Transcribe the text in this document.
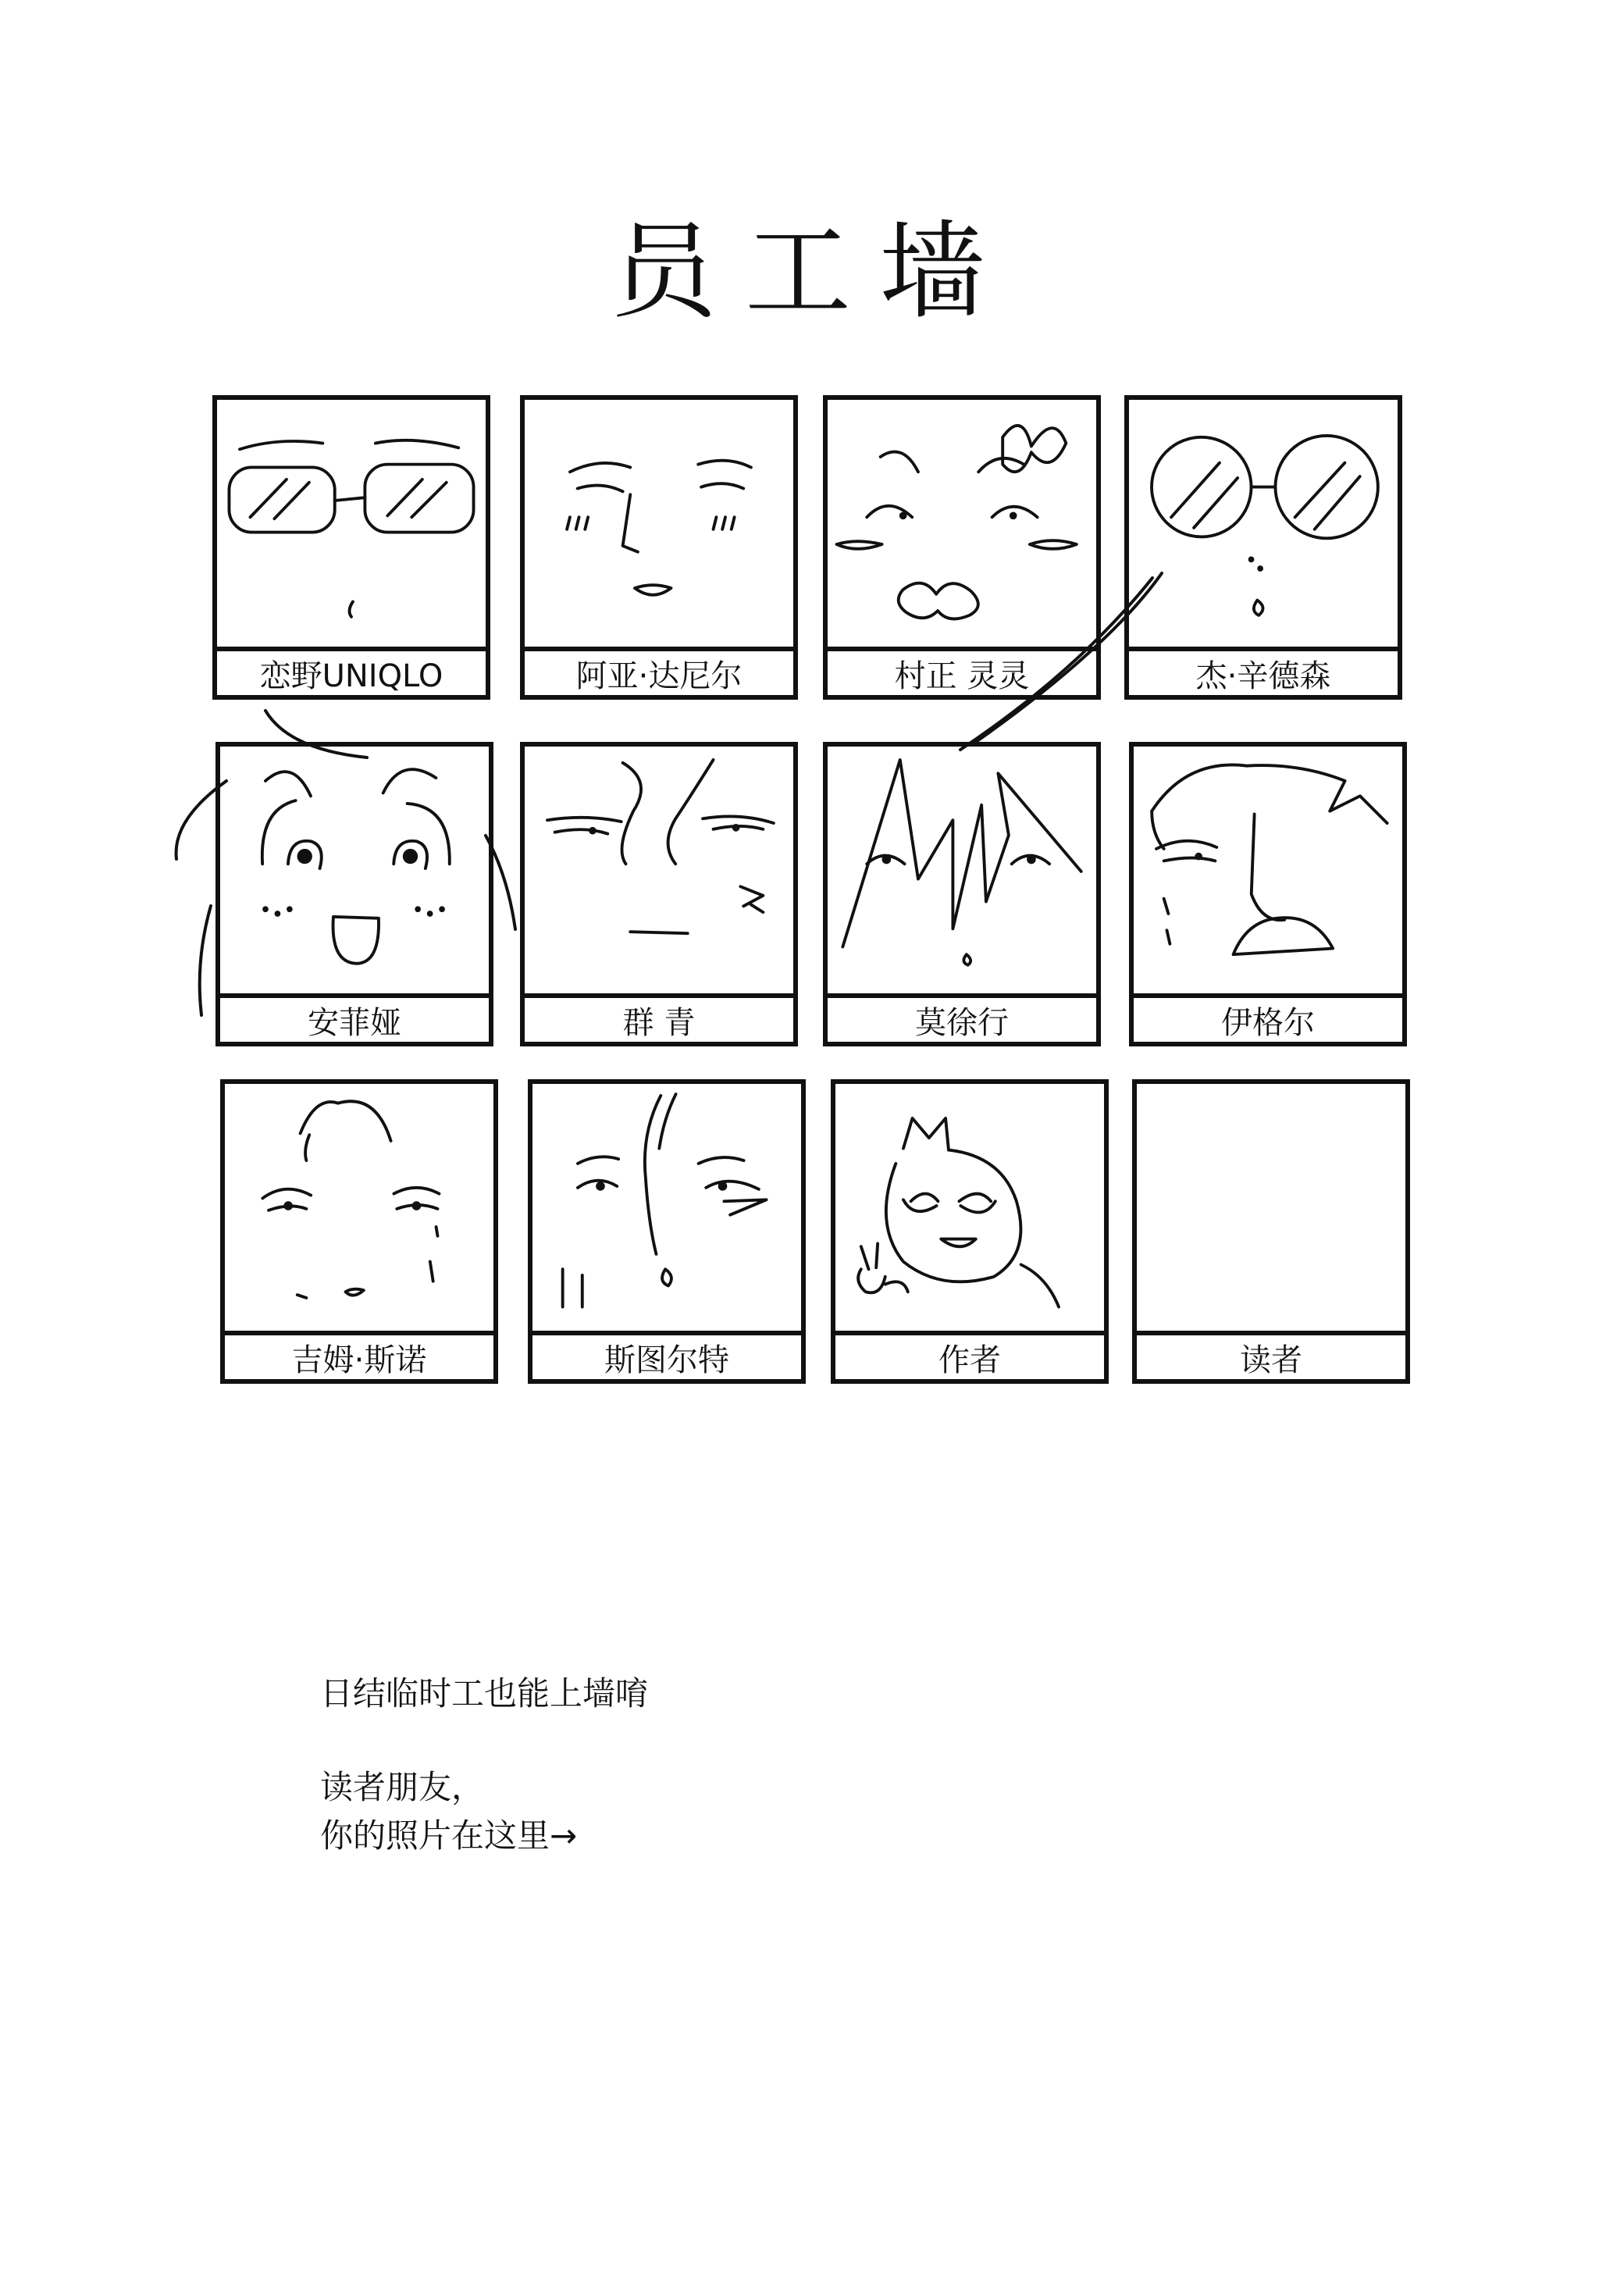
员工墙
恋野UNIQLO	阿亚·达尼尔	村正 灵灵	杰·辛德森
安菲娅	群 青	莫徐行	伊格尔
吉姆·斯诺	斯图尔特	作者	读者
日结临时工也能上墙唷
读者朋友，
你的照片在这里→
